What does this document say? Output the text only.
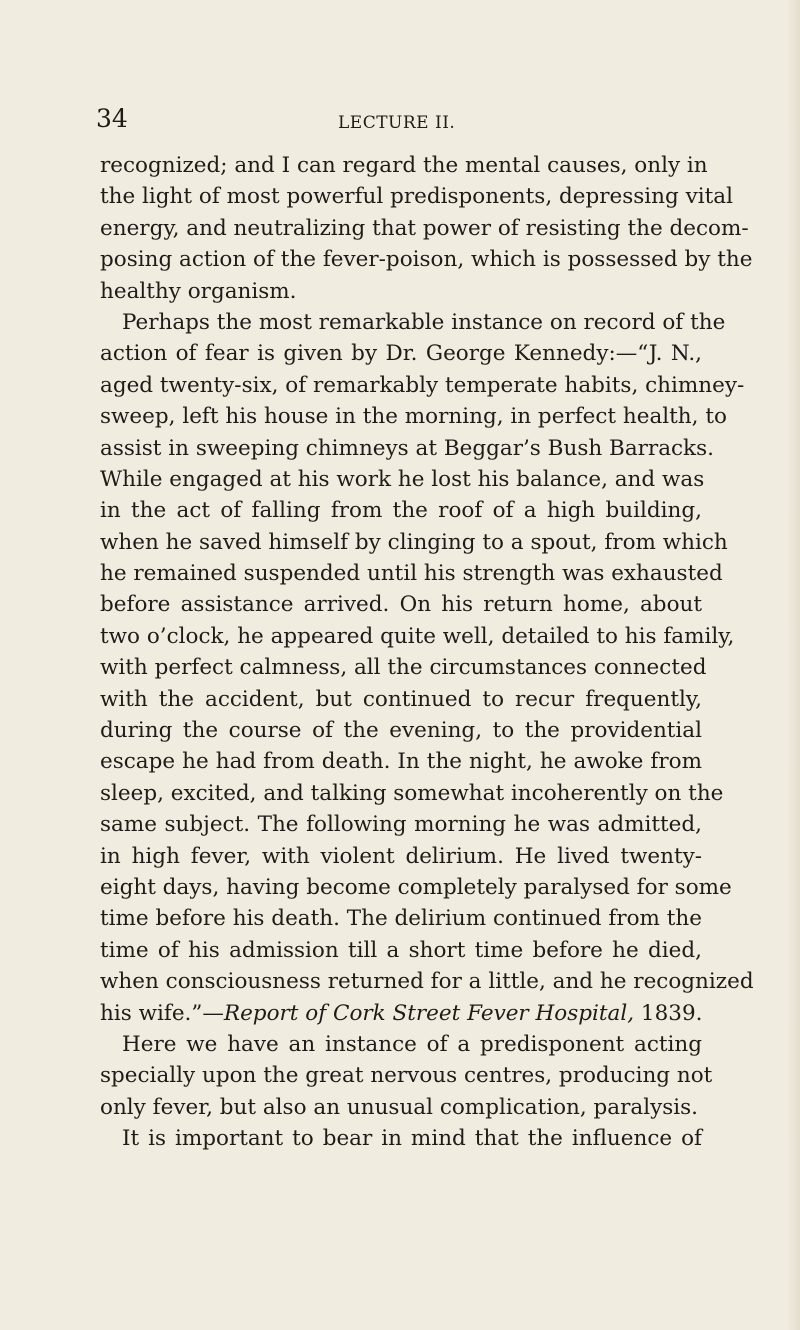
34	LECTURE II.
recognized; and I can regard the mental causes, only in
the light of most powerful predisponents, depressing vital
energy, and neutralizing that power of resisting the decom-
posing action of the fever-poison, which is possessed by the
healthy organism.
Perhaps the most remarkable instance on record of the
action of fear is given by Dr. George Kennedy:—“J. N.,
aged twenty-six, of remarkably temperate habits, chimney-
sweep, left his house in the morning, in perfect health, to
assist in sweeping chimneys at Beggar’s Bush Barracks.
While engaged at his work he lost his balance, and was
in the act of falling from the roof of a high building,
when he saved himself by clinging to a spout, from which
he remained suspended until his strength was exhausted
before assistance arrived. On his return home, about
two o’clock, he appeared quite well, detailed to his family,
with perfect calmness, all the circumstances connected
with the accident, but continued to recur frequently,
during the course of the evening, to the providential
escape he had from death. In the night, he awoke from
sleep, excited, and talking somewhat incoherently on the
same subject. The following morning he was admitted,
in high fever, with violent delirium. He lived twenty-
eight days, having become completely paralysed for some
time before his death. The delirium continued from the
time of his admission till a short time before he died,
when consciousness returned for a little, and he recognized
his wife.”—Report of Cork Street Fever Hospital, 1839.
Here we have an instance of a predisponent acting
specially upon the great nervous centres, producing not
only fever, but also an unusual complication, paralysis.
It is important to bear in mind that the influence of
